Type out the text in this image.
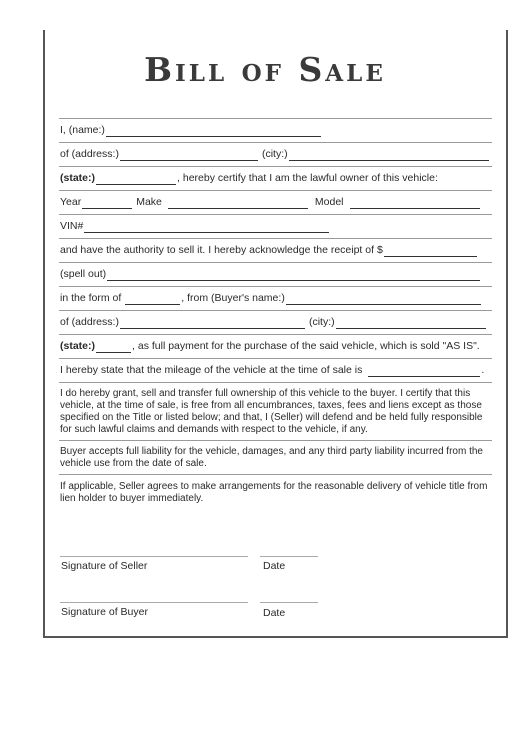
Bill of Sale
I, (name:)
of (address:)	(city:)
(state:)	, hereby certify that I am the lawful owner of this vehicle:
Year	Make	Model
VIN#
and have the authority to sell it. I hereby acknowledge the receipt of $
(spell out)
in the form of	, from (Buyer's name:)
of (address:)	(city:)
(state:)	, as full payment for the purchase of the said vehicle, which is sold "AS IS".
I hereby state that the mileage of the vehicle at the time of sale is	.
I do hereby grant, sell and transfer full ownership of this vehicle to the buyer. I certify that this vehicle, at the time of sale, is free from all encumbrances, taxes, fees and liens except as those specified on the Title or listed below; and that, I (Seller) will defend and be held fully responsible for such lawful claims and demands with respect to the vehicle, if any.
Buyer accepts full liability for the vehicle, damages, and any third party liability incurred from the vehicle use from the date of sale.
If applicable, Seller agrees to make arrangements for the reasonable delivery of vehicle title from lien holder to buyer immediately.
Signature of Seller	Date
Signature of Buyer	Date
